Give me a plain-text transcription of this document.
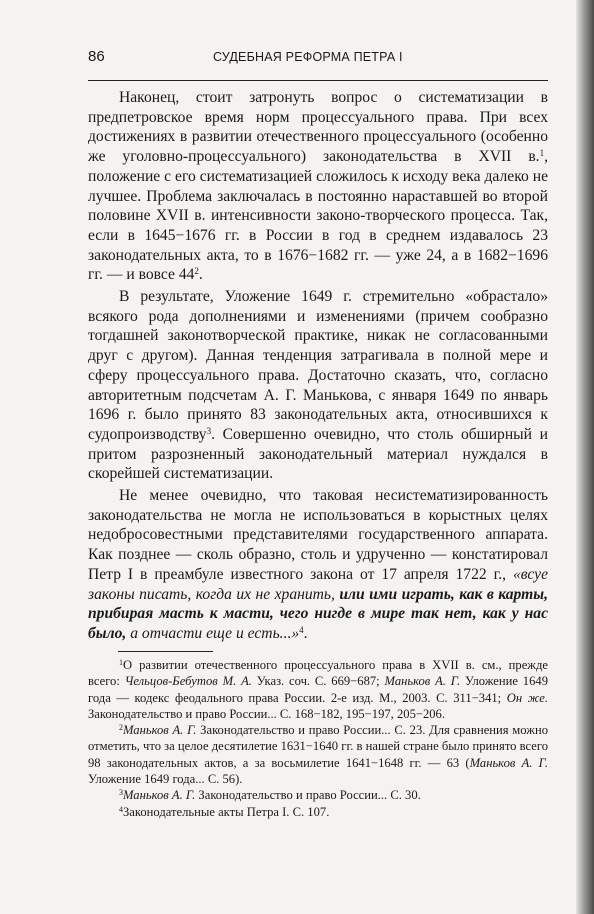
86	СУДЕБНАЯ РЕФОРМА ПЕТРА I

Наконец, стоит затронуть вопрос о систематизации в предпетровское время норм процессуального права. При всех достижениях в развитии отечественного процессуального (особенно же уголовно-процессуального) законодательства в XVII в.$^1$, положение с его систематизацией сложилось к исходу века далеко не лучшее. Проблема заключалась в постоянно нараставшей во второй половине XVII в. интенсивности законо-творческого процесса. Так, если в 1645−1676 гг. в России в год в среднем издавалось 23 законодательных акта, то в 1676−1682 гг. — уже 24, а в 1682−1696 гг. — и вовсе $44^2$.

В результате, Уложение 1649 г. стремительно «обрастало» всякого рода дополнениями и изменениями (причем сообразно тогдашней законотворческой практике, никак не согласованными друг с другом). Данная тенденция затрагивала в полной мере и сферу процессуального права. Достаточно сказать, что, согласно авторитетным подсчетам А. Г. Манькова, с января 1649 по январь 1696 г. было принято 83 законодательных акта, относившихся к судопроизводству$^3$. Совершенно очевидно, что столь обширный и притом разрозненный законодательный материал нуждался в скорейшей систематизации.

Не менее очевидно, что таковая несистематизированность законодательства не могла не использоваться в корыстных целях недобросовестными представителями государственного аппарата. Как позднее — сколь образно, столь и удрученно — констатировал Петр I в преамбуле известного закона от 17 апреля 1722 г., «всуе законы писать, когда их не хранить, или ими играть, как в карты, прибирая масть к масти, чего нигде в мире так нет, как у нас было, а отчасти еще и есть...»$^4$.

$^1$О развитии отечественного процессуального права в XVII в. см., прежде всего: Чельцов-Бебутов М. А. Указ. соч. С. 669−687; Маньков А. Г. Уложение 1649 года — кодекс феодального права России. 2-е изд. М., 2003. С. 311−341; Он же. Законодательство и право России... С. 168−182, 195−197, 205−206.

$^2$Маньков А. Г. Законодательство и право России... С. 23. Для сравнения можно отметить, что за целое десятилетие 1631−1640 гг. в нашей стране было принято всего 98 законодательных актов, а за восьмилетие 1641−1648 гг. — 63 (Маньков А. Г. Уложение 1649 года... С. 56).

$^3$Маньков А. Г. Законодательство и право России... С. 30.

$^4$Законодательные акты Петра I. С. 107.
